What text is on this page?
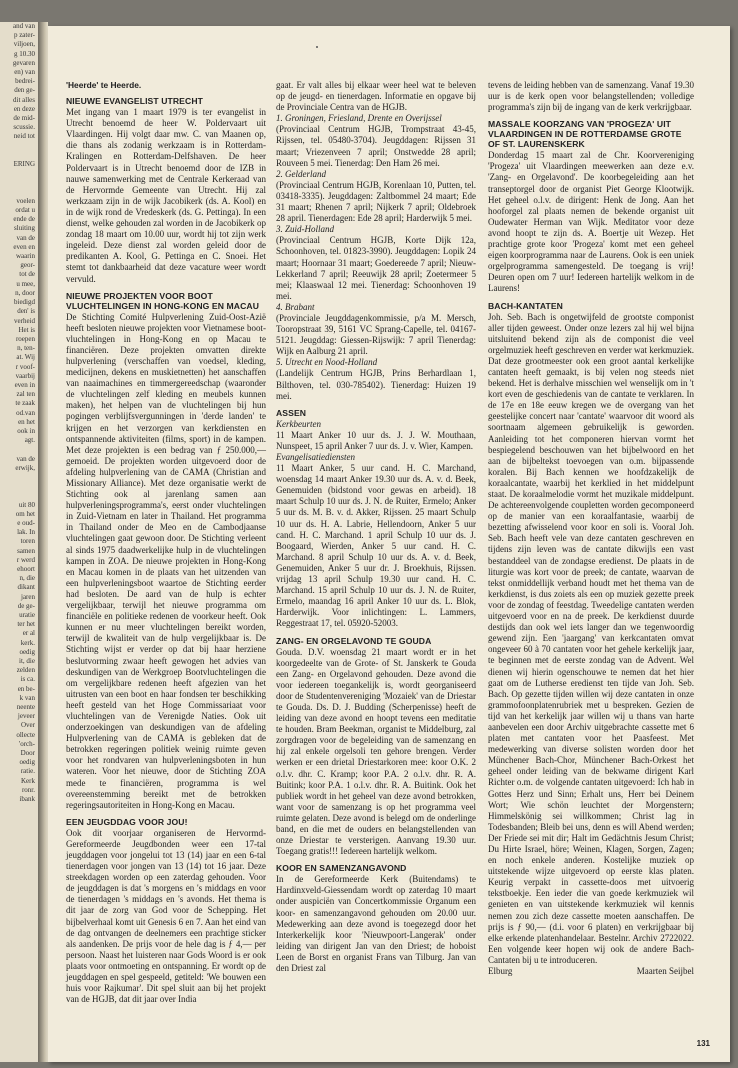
and van
p zater-
viljoen,
g 10.30
gevaren
en) van
bedrei-
den ge-
dit alles
en deze
de mid-
scussie.
neid tot

ERING

voelen
ordat u
ende de
sluiting
van de
even en
waarin
geor-
tot de
u mee,
n, door
biedigd
den' is
verheid
Het is
roepen
n, ten-
at. Wij
r voof-
vaarbij
even in
zal ten
te zaak
od.van
en het
ook in
agt.

van de
erwijk,

uit 80
om het
e oud-
lak. In
toren
samen
r werd
ehoort
n, die
dikant
jaren
de ge-
uratie
ter het
er al
kerk.
oedig
it, die
zelden
is ca.
en be-
k van
neente
jeveer
Over
ollecte
'orch-
Door
oedig
ratie.
Kerk
ronr.
ibank

'Heerde' te Heerde.

NIEUWE EVANGELIST UTRECHT

Met ingang van 1 maart 1979 is ter evangelist in Utrecht benoemd de heer W. Poldervaart uit Vlaardingen. Hij volgt daar mw. C. van Maanen op, die thans als zodanig werkzaam is in Rotterdam-Kralingen en Rotterdam-Delfshaven. De heer Poldervaart is in Utrecht benoemd door de IZB in nauwe samenwerking met de Centrale Kerkeraad van de Hervormde Gemeente van Utrecht. Hij zal werkzaam zijn in de wijk Jacobikerk (ds. A. Kool) en in de wijk rond de Vredeskerk (ds. G. Pettinga). In een dienst, welke gehouden zal worden in de Jacobikerk op zondag 18 maart om 10.00 uur, wordt hij tot zijn werk ingeleid. Deze dienst zal worden geleid door de predikanten A. Kool, G. Pettinga en C. Snoei. Het stemt tot dankbaarheid dat deze vacature weer wordt vervuld.

NIEUWE PROJEKTEN VOOR BOOT VLUCHTELINGEN IN HONG-KONG EN MACAU

De Stichting Comité Hulpverlening Zuid-Oost-Azië heeft besloten nieuwe projekten voor Vietnamese boot-vluchtelingen in Hong-Kong en op Macau te financiëren. Deze projekten omvatten direkte hulpverlening (verschaffen van voedsel, kleding, medicijnen, dekens en muskietnetten) het aanschaffen van naaimachines en timmergereedschap (waaronder de vluchtelingen zelf kleding en meubels kunnen maken), het helpen van de vluchtelingen bij hun pogingen verblijfsvergunningen in 'derde landen' te krijgen en het verzorgen van kerkdiensten en ontspannende aktiviteiten (films, sport) in de kampen. Met deze projekten is een bedrag van ƒ 250.000,— gemoeid. De projekten worden uitgevoerd door de afdeling hulpverlening van de CAMA (Christian and Missionary Alliance). Met deze organisatie werkt de Stichting ook al jarenlang samen aan hulpverleningsprogramma's, eerst onder vluchtelingen in Zuid-Vietnam en later in Thailand. Het programma in Thailand onder de Meo en de Cambodjaanse vluchtelingen gaat gewoon door. De Stichting verleent al sinds 1975 daadwerkelijke hulp in de vluchtelingen kampen in ZOA. De nieuwe projekten in Hong-Kong en Macau komen in de plaats van het uitzenden van een hulpverleningsboot waartoe de Stichting eerder had besloten. De aard van de hulp is echter vergelijkbaar, terwijl het nieuwe programma om financiële en politieke redenen de voorkeur heeft. Ook kunnen er nu meer vluchtelingen bereikt worden, terwijl de kwaliteit van de hulp vergelijkbaar is. De Stichting wijst er verder op dat bij haar herziene beslutvorming zwaar heeft gewogen het advies van deskundigen van de Werkgroep Bootvluchtelingen die om vergelijkbare redenen heeft afgezien van het uitrusten van een boot en haar fondsen ter beschikking heeft gesteld van het Hoge Commissariaat voor vluchtelingen van de Verenigde Naties. Ook uit onderzoekingen van deskundigen van de afdeling Hulpverlening van de CAMA is gebleken dat de betrokken regeringen politiek weinig ruimte geven voor het rondvaren van hulpverleningsboten in hun wateren. Voor het nieuwe, door de Stichting ZOA mede te financiëren, programma is wel overeenstemming bereikt met de betrokken regeringsautoriteiten in Hong-Kong en Macau.

EEN JEUGDDAG VOOR JOU!

Ook dit voorjaar organiseren de Hervormd-Gereformeerde Jeugdbonden weer een 17-tal jeugddagen voor jongelui tot 13 (14) jaar en een 6-tal tienerdagen voor jongen van 13 (14) tot 16 jaar. Deze streekdagen worden op een zaterdag gehouden. Voor de jeugddagen is dat 's morgens en 's middags en voor de tienerdagen 's middags en 's avonds. Het thema is dit jaar de zorg van God voor de Schepping. Het bijbelverhaal komt uit Genesis 6 en 7. Aan het eind van de dag ontvangen de deelnemers een prachtige sticker als aandenken. De prijs voor de hele dag is ƒ 4,— per persoon. Naast het luisteren naar Gods Woord is er ook plaats voor ontmoeting en ontspanning. Er wordt op de jeugddagen en spel gespeeld, getiteld: 'We bouwen een huis voor Rajkumar'. Dit spel sluit aan bij het projekt van de HGJB, dat dit jaar over India

gaat. Er valt alles bij elkaar weer heel wat te beleven op de jeugd- en tienerdagen. Informatie en opgave bij de Provinciale Centra van de HGJB.

1. Groningen, Friesland, Drente en Overijssel

(Provinciaal Centrum HGJB, Trompstraat 43-45, Rijssen, tel. 05480-3704). Jeugddagen: Rijssen 31 maart; Vriezenveen 7 april; Onstwedde 28 april; Rouveen 5 mei. Tienerdag: Den Ham 26 mei.

2. Gelderland

(Provinciaal Centrum HGJB, Korenlaan 10, Putten, tel. 03418-3335). Jeugddagen: Zaltbommel 24 maart; Ede 31 maart; Rhenen 7 april; Nijkerk 7 april; Oldebroek 28 april. Tienerdagen: Ede 28 april; Harderwijk 5 mei.

3. Zuid-Holland

(Provinciaal Centrum HGJB, Korte Dijk 12a, Schoonhoven, tel. 01823-3990). Jeugddagen: Lopik 24 maart; Hoornaar 31 maart; Goedereede 7 april; Nieuw-Lekkerland 7 april; Reeuwijk 28 april; Zoetermeer 5 mei; Klaaswaal 12 mei. Tienerdag: Schoonhoven 19 mei.

4. Brabant

(Provinciale Jeugddagenkommissie, p/a M. Mersch, Tooropstraat 39, 5161 VC Sprang-Capelle, tel. 04167-5121. Jeugddag: Giessen-Rijswijk: 7 april Tienerdag: Wijk en Aalburg 21 april.

5. Utrecht en Nood-Holland

(Landelijk Centrum HGJB, Prins Berhardlaan 1, Bilthoven, tel. 030-785402). Tienerdag: Huizen 19 mei.

ASSEN

Kerkbeurten

11 Maart Anker 10 uur ds. J. J. W. Mouthaan, Nunspeet, 15 april Anker 7 uur ds. J. v. Wier, Kampen.

Evangelisatiediensten

11 Maart Anker, 5 uur cand. H. C. Marchand, woensdag 14 maart Anker 19.30 uur ds. A. v. d. Beek, Genemuiden (bidstond voor gewas en arbeid). 18 maart Schulp 10 uur ds. J. N. de Ruiter, Ermelo; Anker 5 uur ds. M. B. v. d. Akker, Rijssen. 25 maart Schulp 10 uur ds. H. A. Labrie, Hellendoorn, Anker 5 uur cand. H. C. Marchand. 1 april Schulp 10 uur ds. J. Boogaard, Wierden, Anker 5 uur cand. H. C. Marchand. 8 april Schulp 10 uur ds. A. v. d. Beek, Genemuiden, Anker 5 uur dr. J. Broekhuis, Rijssen. vrijdag 13 april Schulp 19.30 uur cand. H. C. Marchand. 15 april Schulp 10 uur ds. J. N. de Ruiter, Ermelo, maandag 16 april Anker 10 uur ds. L. Blok, Harderwijk. Voor inlichtingen: L. Lammers, Reggestraat 17, tel. 05920-52003.

ZANG- EN ORGELAVOND TE GOUDA

Gouda. D.V. woensdag 21 maart wordt er in het koorgedeelte van de Grote- of St. Janskerk te Gouda een Zang- en Orgelavond gehouden. Deze avond die voor iedereen toegankelijk is, wordt georganiseerd door de Studentenvereniging 'Mozaiek' van de Driestar te Gouda. Ds. D. J. Budding (Scherpenisse) heeft de leiding van deze avond en hoopt tevens een meditatie te houden. Bram Beekman, organist te Middelburg, zal zorgdragen voor de begeleiding van de samenzang en hij zal enkele orgelsoli ten gehore brengen. Verder werken er een drietal Driestarkoren mee: koor O.K. 2 o.l.v. dhr. C. Kramp; koor P.A. 2 o.l.v. dhr. R. A. Buitink; koor P.A. 1 o.l.v. dhr. R. A. Buitink. Ook het publiek wordt in het geheel van deze avond betrokken, want voor de samenzang is op het programma veel ruimte gelaten. Deze avond is belegd om de onderlinge band, en die met de ouders en belangstellenden van onze Driestar te versterigen. Aanvang 19.30 uur. Toegang gratis!!! Iedereen hartelijk welkom.

KOOR EN SAMENZANGAVOND

In de Gereformeerde Kerk (Buitendams) te Hardinxveld-Giessendam wordt op zaterdag 10 maart onder auspiciën van Concertkommissie Organum een koor- en samenzangavond gehouden om 20.00 uur. Medewerking aan deze avond is toegezegd door het Interkerkelijk koor 'Nieuwpoort-Langerak' onder leiding van dirigent Jan van den Driest; de hoboist Leen de Borst en organist Frans van Tilburg. Jan van den Driest zal

tevens de leiding hebben van de samenzang. Vanaf 19.30 uur is de kerk open voor belangstellenden; volledige programma's zijn bij de ingang van de kerk verkrijgbaar.

MASSALE KOORZANG VAN 'PROGEZA' UIT VLAARDINGEN IN DE ROTTERDAMSE GROTE OF ST. LAURENSKERK

Donderdag 15 maart zal de Chr. Koorvereniging 'Progeza' uit Vlaardingen meewerken aan deze e.v. 'Zang- en Orgelavond'. De koorbegeleiding aan het transeptorgel door de organist Piet George Klootwijk. Het geheel o.l.v. de dirigent: Henk de Jong. Aan het hooforgel zal plaats nemen de bekende organist uit Oudewater Herman van Wijk. Meditator voor deze avond hoopt te zijn ds. A. Boertje uit Wezep. Het prachtige grote koor 'Progeza' komt met een geheel eigen koorprogramma naar de Laurens. Ook is een uniek orgelprogramma samengesteld. De toegang is vrij! Deuren open om 7 uur! Iedereen hartelijk welkom in de Laurens!

BACH-KANTATEN

Joh. Seb. Bach is ongetwijfeld de grootste componist aller tijden geweest. Onder onze lezers zal hij wel bijna uitsluitend bekend zijn als de componist die veel orgelmuziek heeft geschreven en verder wat kerkmuziek. Dat deze grootmeester ook een groot aantal kerkelijke cantaten heeft gemaakt, is bij velen nog steeds niet bekend. Het is derhalve misschien wel wenselijk om in 't kort even de geschiedenis van de cantate te verklaren. In de 17e en 18e eeuw kregen we de overgang van het geestelijke concert naar 'cantate' waarvoor dit woord als soortnaam algemeen gebruikelijk is geworden. Aanleiding tot het componeren hiervan vormt het bespiegelend beschouwen van het bijbelwoord en het aan de bijbeltekst toevoegen van o.m. bijpassende koralen. Bij Bach kennen we hoofdzakelijk de koraalcantate, waarbij het kerklied in het middelpunt staat. De koraalmelodie vormt het muzikale middelpunt. De achtereenvolgende coupletten worden gecomponeerd op de manier van een koraalfantasie, waarbij de bezetting afwisselend voor koor en soli is. Vooral Joh. Seb. Bach heeft vele van deze cantaten geschreven en tijdens zijn leven was de cantate dikwijls een vast bestanddeel van de zondagse eredienst. De plaats in de liturgie was kort voor de preek; de cantate, waarvan de tekst onmiddellijk verband houdt met het thema van de kerkdienst, is dus zoiets als een op muziek gezette preek voor de zondag of feestdag. Tweedelige cantaten werden uitgevoerd voor en na de preek. De kerkdienst duurde destijds dan ook wel iets langer dan we tegenwoordig gewend zijn. Een 'jaargang' van kerkcantaten omvat ongeveer 60 à 70 cantaten voor het gehele kerkelijk jaar, te beginnen met de eerste zondag van de Advent. Wel dienen wij hierin ogenschouwe te nemen dat het hier gaat om de Lutherse eredienst ten tijde van Joh. Seb. Bach. Op gezette tijden willen wij deze cantaten in onze grammofoonplatenrubriek met u bespreken. Gezien de tijd van het kerkelijk jaar willen wij u thans van harte aanbevelen een door Archiv uitgebrachte cassette met 6 platen met cantaten voor het Paasfeest. Met medewerking van diverse solisten worden door het Münchener Bach-Chor, Münchener Bach-Orkest het geheel onder leiding van de bekwame dirigent Karl Richter o.m. de volgende cantaten uitgevoerd: Ich hab in Gottes Herz und Sinn; Erhalt uns, Herr bei Deinem Wort; Wie schön leuchtet der Morgenstern; Himmelskönig sei willkommen; Christ lag in Todesbanden; Bleib bei uns, denn es will Abend werden; Der Friede sei mit dir; Halt im Gedächtnis Jesum Christ; Du Hirte Israel, höre; Weinen, Klagen, Sorgen, Zagen; en noch enkele anderen. Kostelijke muziek op uitstekende wijze uitgevoerd op eerste klas platen. Keurig verpakt in cassette-doos met uitvoerig tekstboekje. Een ieder die van goede kerkmuziek wil genieten en van uitstekende kerkmuziek wil kennis nemen zou zich deze cassette moeten aanschaffen. De prijs is ƒ 90,— (d.i. voor 6 platen) en verkrijgbaar bij elke erkende platenhandelaar. Bestelnr. Archiv 2722022. Een volgende keer hopen wij ook de andere Bach-Cantaten bij u te introduceren.

Elburg	Maarten Seijbel
131
